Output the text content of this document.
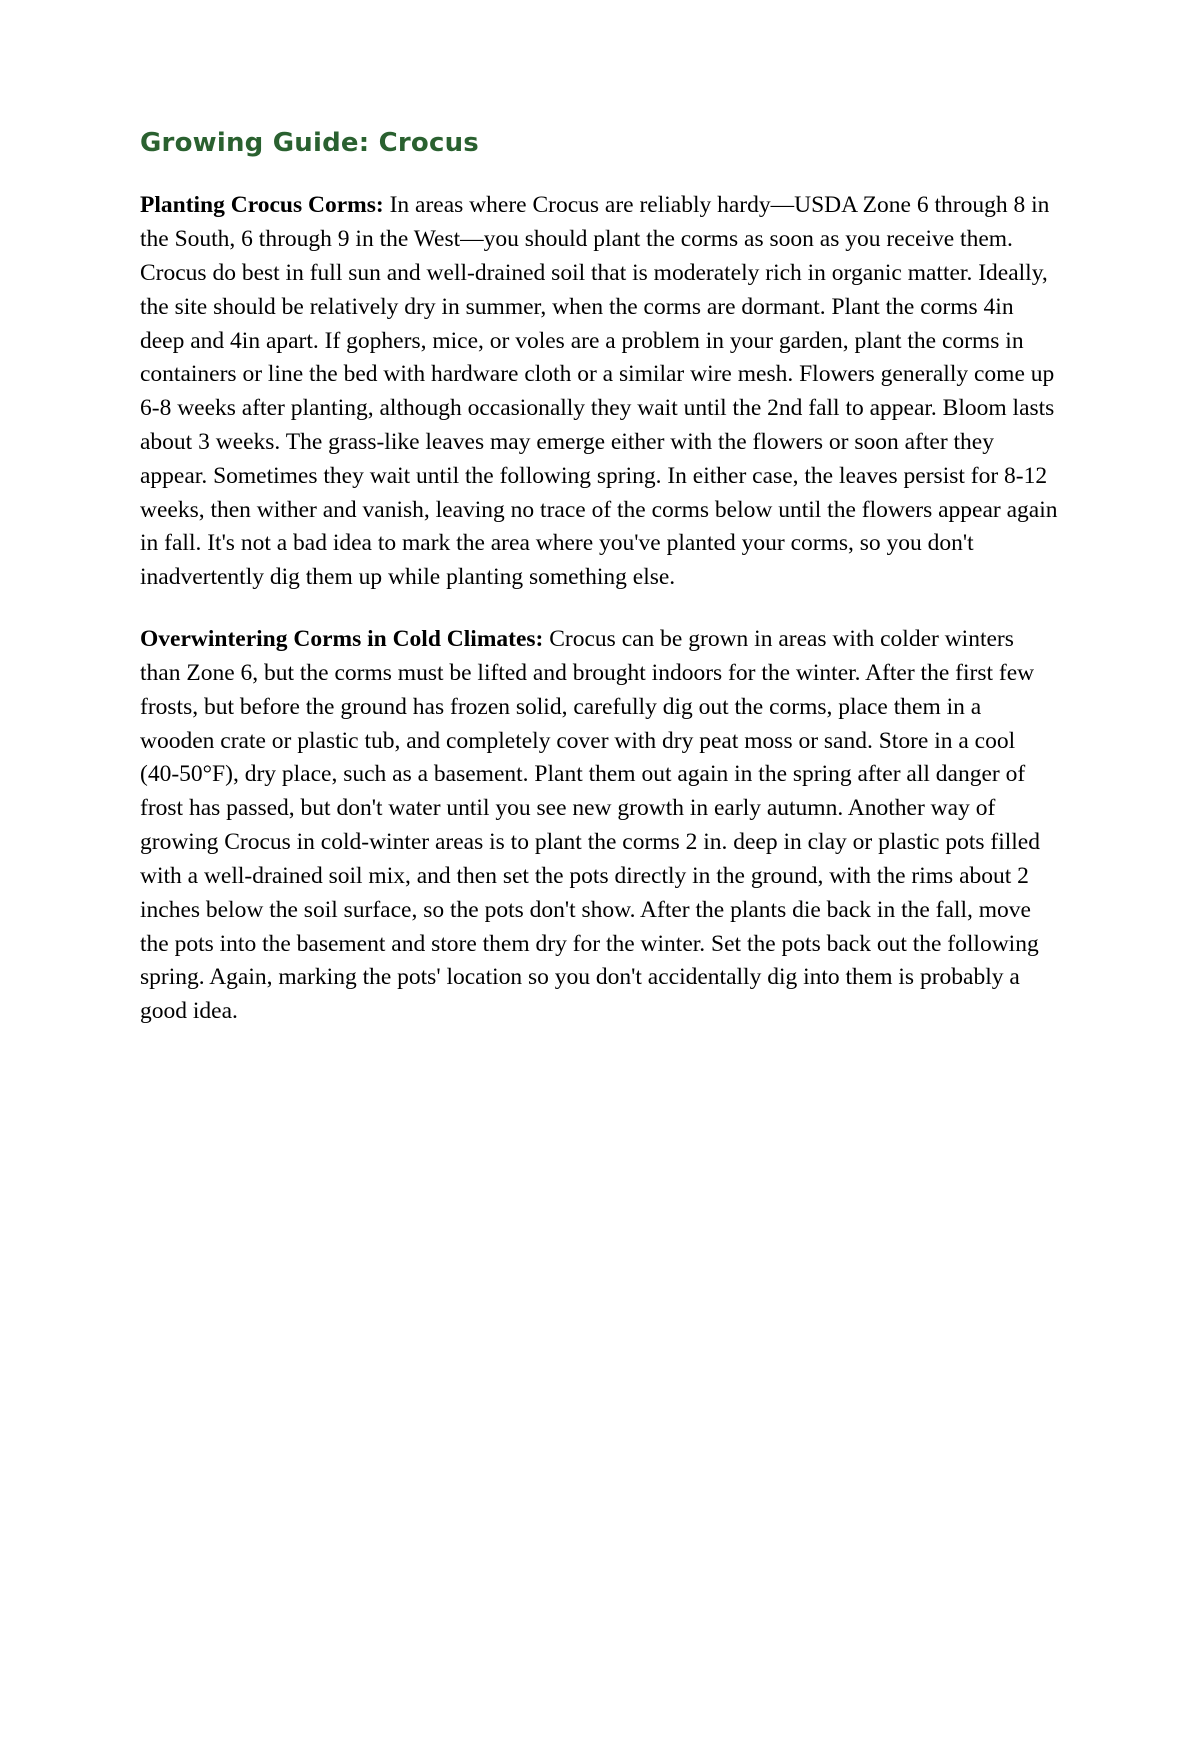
Growing Guide: Crocus

Planting Crocus Corms: In areas where Crocus are reliably hardy—USDA Zone 6 through 8 in the South, 6 through 9 in the West—you should plant the corms as soon as you receive them. Crocus do best in full sun and well-drained soil that is moderately rich in organic matter. Ideally, the site should be relatively dry in summer, when the corms are dormant. Plant the corms 4in deep and 4in apart. If gophers, mice, or voles are a problem in your garden, plant the corms in containers or line the bed with hardware cloth or a similar wire mesh. Flowers generally come up 6-8 weeks after planting, although occasionally they wait until the 2nd fall to appear. Bloom lasts about 3 weeks. The grass-like leaves may emerge either with the flowers or soon after they appear. Sometimes they wait until the following spring. In either case, the leaves persist for 8-12 weeks, then wither and vanish, leaving no trace of the corms below until the flowers appear again in fall. It's not a bad idea to mark the area where you've planted your corms, so you don't inadvertently dig them up while planting something else.

Overwintering Corms in Cold Climates: Crocus can be grown in areas with colder winters than Zone 6, but the corms must be lifted and brought indoors for the winter. After the first few frosts, but before the ground has frozen solid, carefully dig out the corms, place them in a wooden crate or plastic tub, and completely cover with dry peat moss or sand. Store in a cool (40-50°F), dry place, such as a basement. Plant them out again in the spring after all danger of frost has passed, but don't water until you see new growth in early autumn. Another way of growing Crocus in cold-winter areas is to plant the corms 2 in. deep in clay or plastic pots filled with a well-drained soil mix, and then set the pots directly in the ground, with the rims about 2 inches below the soil surface, so the pots don't show. After the plants die back in the fall, move the pots into the basement and store them dry for the winter. Set the pots back out the following spring. Again, marking the pots' location so you don't accidentally dig into them is probably a good idea.
